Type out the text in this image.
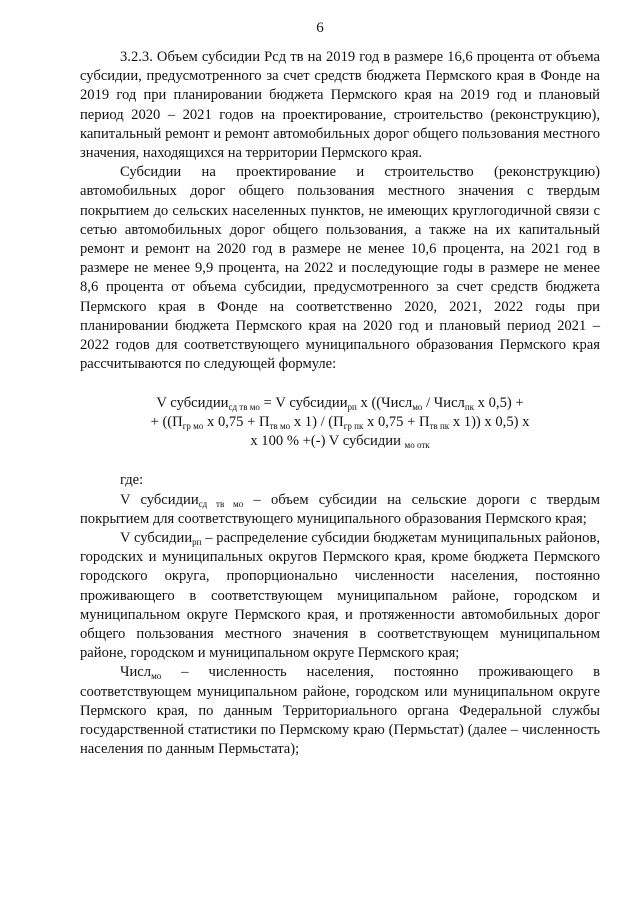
6

3.2.3. Объем субсидии Рсд тв на 2019 год в размере 16,6 процента от объема субсидии, предусмотренного за счет средств бюджета Пермского края в Фонде на 2019 год при планировании бюджета Пермского края на 2019 год и плановый период 2020 – 2021 годов на проектирование, строительство (реконструкцию), капитальный ремонт и ремонт автомобильных дорог общего пользования местного значения, находящихся на территории Пермского края.

Субсидии на проектирование и строительство (реконструкцию) автомобильных дорог общего пользования местного значения с твердым покрытием до сельских населенных пунктов, не имеющих круглогодичной связи с сетью автомобильных дорог общего пользования, а также на их капитальный ремонт и ремонт на 2020 год в размере не менее 10,6 процента, на 2021 год в размере не менее 9,9 процента, на 2022 и последующие годы в размере не менее 8,6 процента от объема субсидии, предусмотренного за счет средств бюджета Пермского края в Фонде на соответственно 2020, 2021, 2022 годы при планировании бюджета Пермского края на 2020 год и плановый период 2021 – 2022 годов для соответствующего муниципального образования Пермского края рассчитываются по следующей формуле:

V субсидии$_{сд тв мо}$ = V субсидии$_{рп}$ x ((Числ$_{мо}$ / Числ$_{пк}$ x 0,5) +
+ (($П_{гр мо}$ x $0,75 + П_{тв мо}$ x $1) / (П_{гр пк}$ x $0,75 + П_{тв пк}$ x 1)) x 0,5) x
x 100 % +(-) V субсидии $_{мо отк}$

где:

V субсидии$_{сд тв мо}$ – объем субсидии на сельские дороги с твердым покрытием для соответствующего муниципального образования Пермского края;

V субсидии$_{рп}$ – распределение субсидии бюджетам муниципальных районов, городских и муниципальных округов Пермского края, кроме бюджета Пермского городского округа, пропорционально численности населения, постоянно проживающего в соответствующем муниципальном районе, городском и муниципальном округе Пермского края, и протяженности автомобильных дорог общего пользования местного значения в соответствующем муниципальном районе, городском и муниципальном округе Пермского края;

Числ$_{мо}$ – численность населения, постоянно проживающего в соответствующем муниципальном районе, городском или муниципальном округе Пермского края, по данным Территориального органа Федеральной службы государственной статистики по Пермскому краю (Пермьстат) (далее – численность населения по данным Пермьстата);
